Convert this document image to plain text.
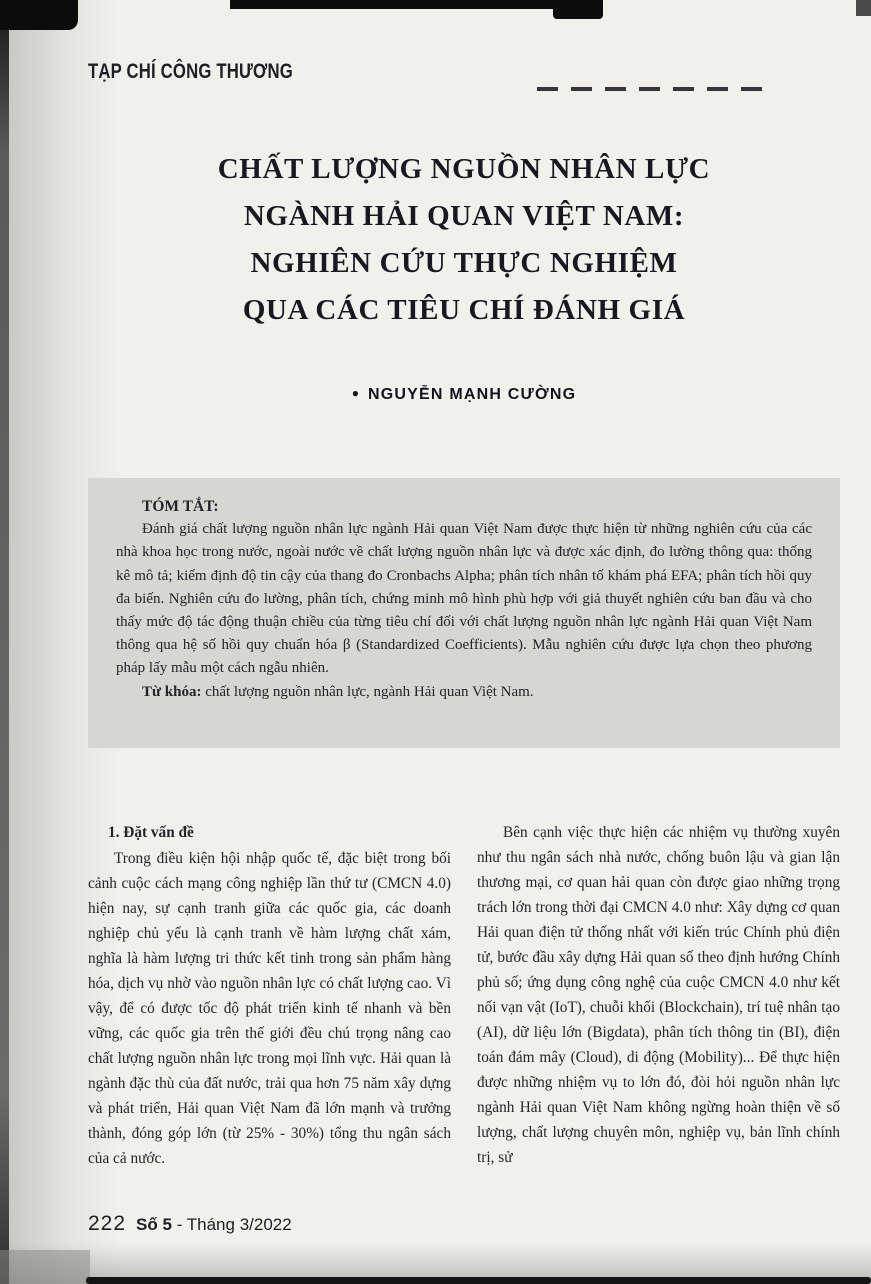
TẠP CHÍ CÔNG THƯƠNG
CHẤT LƯỢNG NGUỒN NHÂN LỰC
NGÀNH HẢI QUAN VIỆT NAM:
NGHIÊN CỨU THỰC NGHIỆM
QUA CÁC TIÊU CHÍ ĐÁNH GIÁ
● NGUYỄN MẠNH CƯỜNG

TÓM TẮT:

Đánh giá chất lượng nguồn nhân lực ngành Hải quan Việt Nam được thực hiện từ những nghiên cứu của các nhà khoa học trong nước, ngoài nước về chất lượng nguồn nhân lực và được xác định, đo lường thông qua: thống kê mô tả; kiểm định độ tin cậy của thang đo Cronbachs Alpha; phân tích nhân tố khám phá EFA; phân tích hồi quy đa biến. Nghiên cứu đo lường, phân tích, chứng minh mô hình phù hợp với giả thuyết nghiên cứu ban đầu và cho thấy mức độ tác động thuận chiều của từng tiêu chí đối với chất lượng nguồn nhân lực ngành Hải quan Việt Nam thông qua hệ số hồi quy chuẩn hóa β (Standardized Coefficients). Mẫu nghiên cứu được lựa chọn theo phương pháp lấy mẫu một cách ngẫu nhiên.

Từ khóa: chất lượng nguồn nhân lực, ngành Hải quan Việt Nam.

1. Đặt vấn đề

Trong điều kiện hội nhập quốc tế, đặc biệt trong bối cảnh cuộc cách mạng công nghiệp lần thứ tư (CMCN 4.0) hiện nay, sự cạnh tranh giữa các quốc gia, các doanh nghiệp chủ yếu là cạnh tranh về hàm lượng chất xám, nghĩa là hàm lượng tri thức kết tinh trong sản phẩm hàng hóa, dịch vụ nhờ vào nguồn nhân lực có chất lượng cao. Vì vậy, để có được tốc độ phát triển kinh tế nhanh và bền vững, các quốc gia trên thế giới đều chú trọng nâng cao chất lượng nguồn nhân lực trong mọi lĩnh vực. Hải quan là ngành đặc thù của đất nước, trải qua hơn 75 năm xây dựng và phát triển, Hải quan Việt Nam đã lớn mạnh và trưởng thành, đóng góp lớn (từ 25% - 30%) tổng thu ngân sách của cả nước.

Bên cạnh việc thực hiện các nhiệm vụ thường xuyên như thu ngân sách nhà nước, chống buôn lậu và gian lận thương mại, cơ quan hải quan còn được giao những trọng trách lớn trong thời đại CMCN 4.0 như: Xây dựng cơ quan Hải quan điện tử thống nhất với kiến trúc Chính phủ điện tử, bước đầu xây dựng Hải quan số theo định hướng Chính phủ số; ứng dụng công nghệ của cuộc CMCN 4.0 như kết nối vạn vật (IoT), chuỗi khối (Blockchain), trí tuệ nhân tạo (AI), dữ liệu lớn (Bigdata), phân tích thông tin (BI), điện toán đám mây (Cloud), di động (Mobility)... Để thực hiện được những nhiệm vụ to lớn đó, đòi hỏi nguồn nhân lực ngành Hải quan Việt Nam không ngừng hoàn thiện về số lượng, chất lượng chuyên môn, nghiệp vụ, bản lĩnh chính trị, sử

222 Số 5 - Tháng 3/2022
